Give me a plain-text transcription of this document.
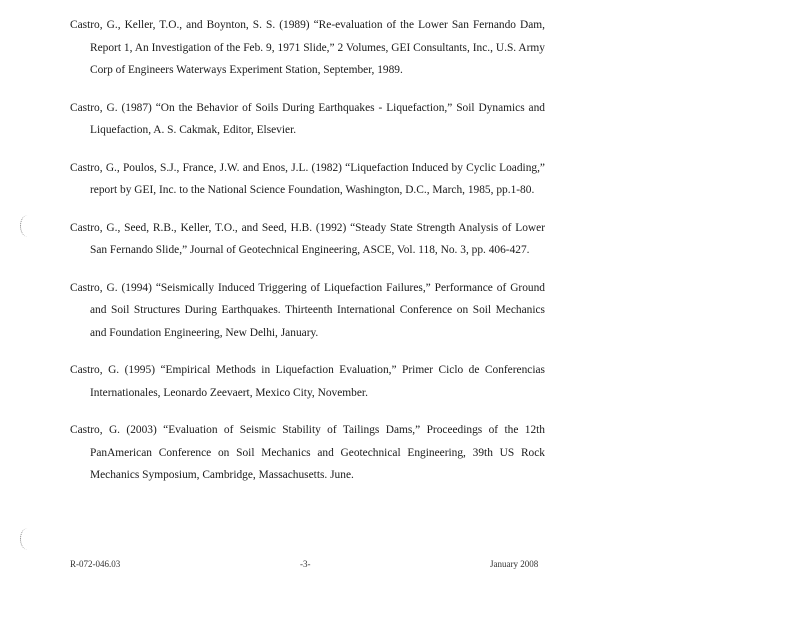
Castro, G., Keller, T.O., and Boynton, S. S. (1989) “Re-evaluation of the Lower San Fernando Dam, Report 1, An Investigation of the Feb. 9, 1971 Slide,” 2 Volumes, GEI Consultants, Inc., U.S. Army Corp of Engineers Waterways Experiment Station, September, 1989.

Castro, G. (1987) “On the Behavior of Soils During Earthquakes - Liquefaction,” Soil Dynamics and Liquefaction, A. S. Cakmak, Editor, Elsevier.

Castro, G., Poulos, S.J., France, J.W. and Enos, J.L. (1982) “Liquefaction Induced by Cyclic Loading,” report by GEI, Inc. to the National Science Foundation, Washington, D.C., March, 1985, pp.1-80.

Castro, G., Seed, R.B., Keller, T.O., and Seed, H.B. (1992) “Steady State Strength Analysis of Lower San Fernando Slide,” Journal of Geotechnical Engineering, ASCE, Vol. 118, No. 3, pp. 406-427.

Castro, G. (1994) “Seismically Induced Triggering of Liquefaction Failures,” Performance of Ground and Soil Structures During Earthquakes. Thirteenth International Conference on Soil Mechanics and Foundation Engineering, New Delhi, January.

Castro, G. (1995) “Empirical Methods in Liquefaction Evaluation,” Primer Ciclo de Conferencias Internationales, Leonardo Zeevaert, Mexico City, November.

Castro, G. (2003) “Evaluation of Seismic Stability of Tailings Dams,” Proceedings of the 12th PanAmerican Conference on Soil Mechanics and Geotechnical Engineering, 39th US Rock Mechanics Symposium, Cambridge, Massachusetts. June.

R-072-046.03	-3-	January 2008
